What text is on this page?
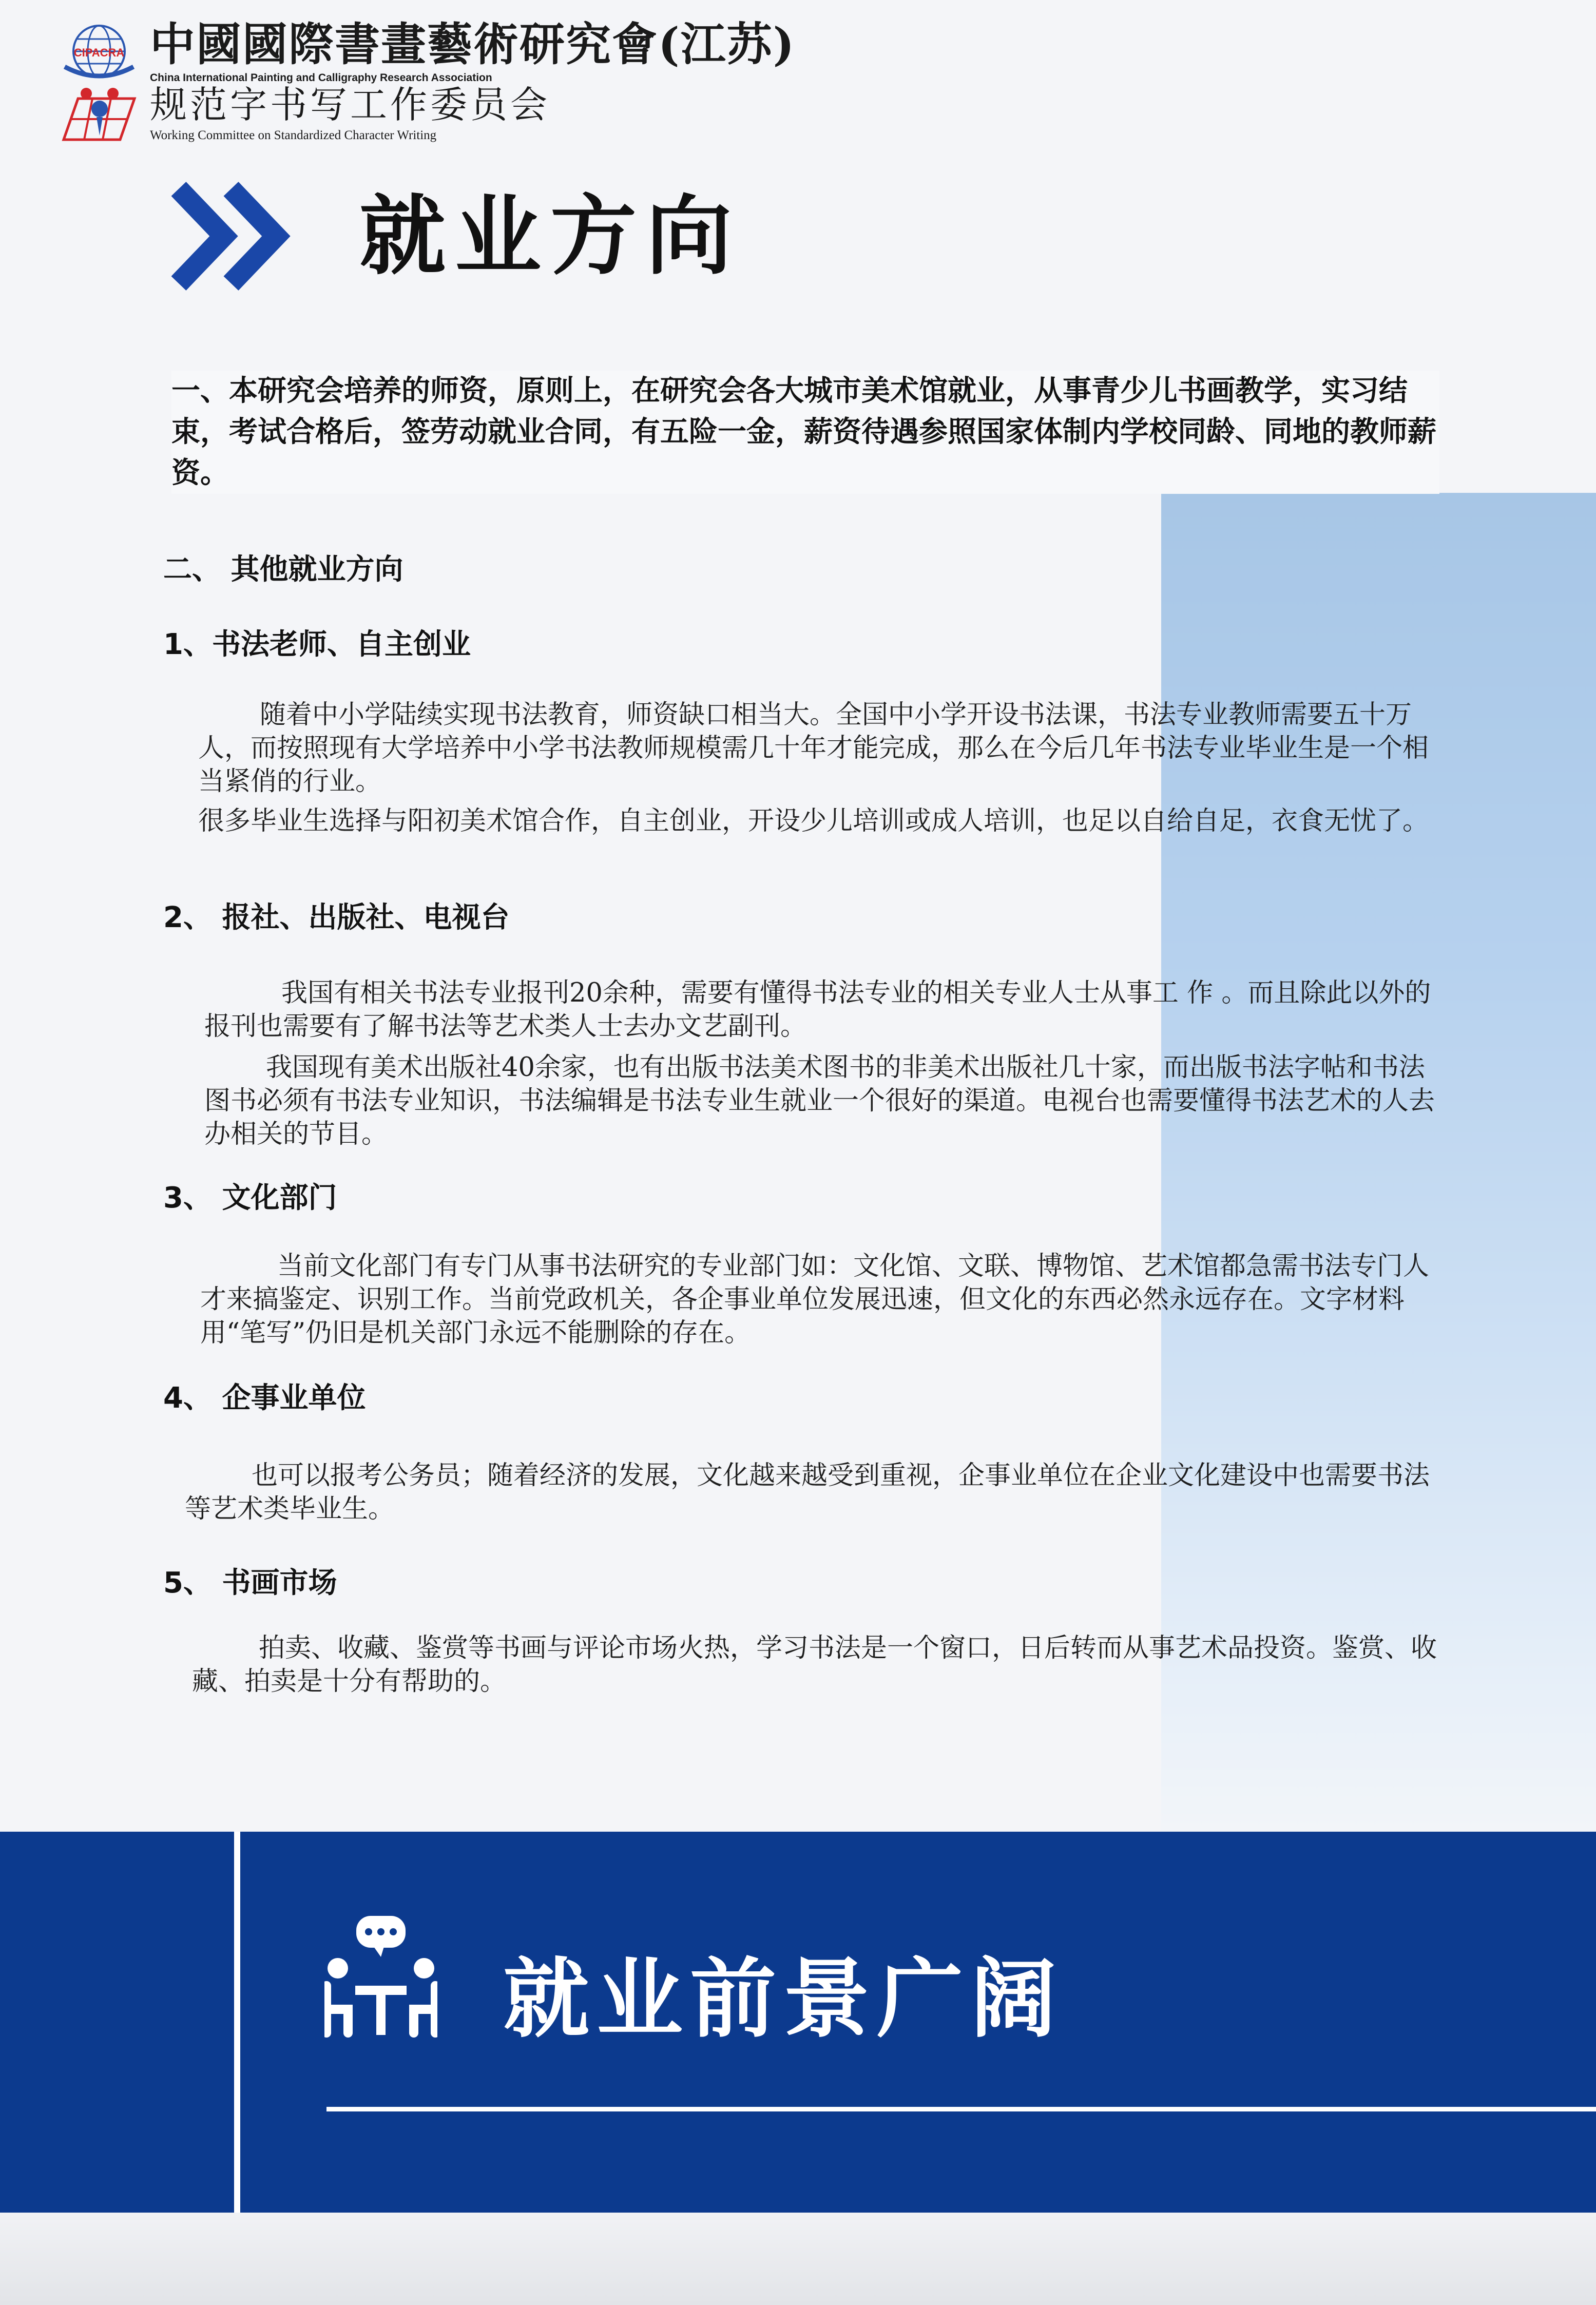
CIPACRA 中國國際書畫藝術研究會(江苏)
China International Painting and Calligraphy Research Association
规范字书写工作委员会
Working Committee on Standardized Character Writing
就业方向
一、本研究会培养的师资，原则上，在研究会各大城市美术馆就业，从事青少儿书画教学，实习结束，考试合格后，签劳动就业合同，有五险一金，薪资待遇参照国家体制内学校同龄、同地的教师薪资。
二、 其他就业方向
1、书法老师、自主创业
随着中小学陆续实现书法教育，师资缺口相当大。全国中小学开设书法课，书法专业教师需要五十万人，而按照现有大学培养中小学书法教师规模需几十年才能完成，那么在今后几年书法专业毕业生是一个相当紧俏的行业。
很多毕业生选择与阳初美术馆合作，自主创业，开设少儿培训或成人培训，也足以自给自足，衣食无忧了。
2、 报社、出版社、电视台
我国有相关书法专业报刊20余种，需要有懂得书法专业的相关专业人士从事工 作 。而且除此以外的报刊也需要有了解书法等艺术类人士去办文艺副刊。
我国现有美术出版社40余家，也有出版书法美术图书的非美术出版社几十家，而出版书法字帖和书法图书必须有书法专业知识，书法编辑是书法专业生就业一个很好的渠道。电视台也需要懂得书法艺术的人去办相关的节目。
3、 文化部门
当前文化部门有专门从事书法研究的专业部门如：文化馆、文联、博物馆、艺术馆都急需书法专门人才来搞鉴定、识别工作。当前党政机关，各企事业单位发展迅速，但文化的东西必然永远存在。文字材料用“笔写”仍旧是机关部门永远不能删除的存在。
4、 企事业单位
也可以报考公务员；随着经济的发展，文化越来越受到重视，企事业单位在企业文化建设中也需要书法等艺术类毕业生。
5、 书画市场
拍卖、收藏、鉴赏等书画与评论市场火热，学习书法是一个窗口，日后转而从事艺术品投资。鉴赏、收藏、拍卖是十分有帮助的。
就业前景广阔
